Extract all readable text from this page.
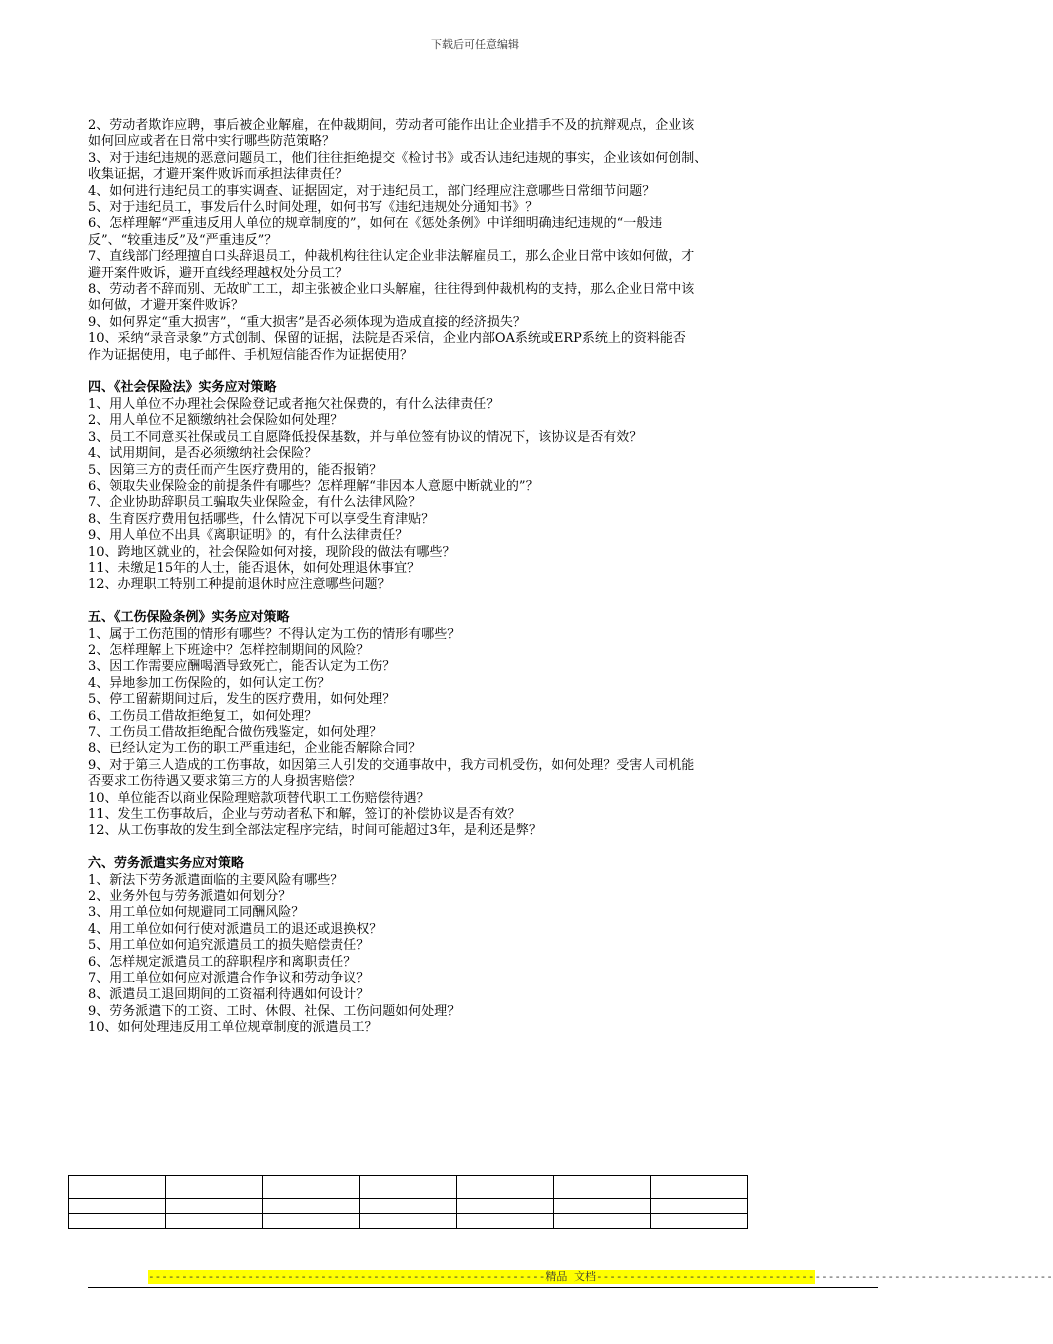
下载后可任意编辑
2、劳动者欺诈应聘，事后被企业解雇，在仲裁期间，劳动者可能作出让企业措手不及的抗辩观点，企业该
如何回应或者在日常中实行哪些防范策略？
3、对于违纪违规的恶意问题员工，他们往往拒绝提交《检讨书》或否认违纪违规的事实，企业该如何创制、
收集证据，才避开案件败诉而承担法律责任？
4、如何进行违纪员工的事实调查、证据固定，对于违纪员工，部门经理应注意哪些日常细节问题？
5、对于违纪员工，事发后什么时间处理，如何书写《违纪违规处分通知书》？
6、怎样理解“严重违反用人单位的规章制度的”，如何在《惩处条例》中详细明确违纪违规的“一般违
反”、“较重违反”及“严重违反”？
7、直线部门经理擅自口头辞退员工，仲裁机构往往认定企业非法解雇员工，那么企业日常中该如何做，才
避开案件败诉，避开直线经理越权处分员工？
8、劳动者不辞而别、无故旷工工，却主张被企业口头解雇，往往得到仲裁机构的支持，那么企业日常中该
如何做，才避开案件败诉？
9、如何界定“重大损害”，“重大损害”是否必须体现为造成直接的经济损失？
10、采纳“录音录象”方式创制、保留的证据，法院是否采信，企业内部OA系统或ERP系统上的资料能否
作为证据使用，电子邮件、手机短信能否作为证据使用？
四、《社会保险法》实务应对策略
1、用人单位不办理社会保险登记或者拖欠社保费的，有什么法律责任？
2、用人单位不足额缴纳社会保险如何处理？
3、员工不同意买社保或员工自愿降低投保基数，并与单位签有协议的情况下，该协议是否有效？
4、试用期间，是否必须缴纳社会保险？
5、因第三方的责任而产生医疗费用的，能否报销？
6、领取失业保险金的前提条件有哪些？怎样理解“非因本人意愿中断就业的”？
7、企业协助辞职员工骗取失业保险金，有什么法律风险？
8、生育医疗费用包括哪些，什么情况下可以享受生育津贴？
9、用人单位不出具《离职证明》的，有什么法律责任？
10、跨地区就业的，社会保险如何对接，现阶段的做法有哪些？
11、未缴足15年的人士，能否退休，如何处理退休事宜？
12、办理职工特别工种提前退休时应注意哪些问题？
五、《工伤保险条例》实务应对策略
1、属于工伤范围的情形有哪些？不得认定为工伤的情形有哪些？
2、怎样理解上下班途中？怎样控制期间的风险？
3、因工作需要应酬喝酒导致死亡，能否认定为工伤？
4、异地参加工伤保险的，如何认定工伤？
5、停工留薪期间过后，发生的医疗费用，如何处理？
6、工伤员工借故拒绝复工，如何处理？
7、工伤员工借故拒绝配合做伤残鉴定，如何处理？
8、已经认定为工伤的职工严重违纪，企业能否解除合同？
9、对于第三人造成的工伤事故，如因第三人引发的交通事故中，我方司机受伤，如何处理？受害人司机能
否要求工伤待遇又要求第三方的人身损害赔偿？
10、单位能否以商业保险理赔款项替代职工工伤赔偿待遇？
11、发生工伤事故后，企业与劳动者私下和解，签订的补偿协议是否有效？
12、从工伤事故的发生到全部法定程序完结，时间可能超过3年，是利还是弊？
六、劳务派遣实务应对策略
1、新法下劳务派遣面临的主要风险有哪些？
2、业务外包与劳务派遣如何划分？
3、用工单位如何规避同工同酬风险？
4、用工单位如何行使对派遣员工的退还或退换权？
5、用工单位如何追究派遣员工的损失赔偿责任？
6、怎样规定派遣员工的辞职程序和离职责任？
7、用工单位如何应对派遣合作争议和劳动争议？
8、派遣员工退回期间的工资福利待遇如何设计？
9、劳务派遣下的工资、工时、休假、社保、工伤问题如何处理？
10、如何处理违反用工单位规章制度的派遣员工？

------------------------------------------------------------精品 文档---------------------------------------------------------------------
